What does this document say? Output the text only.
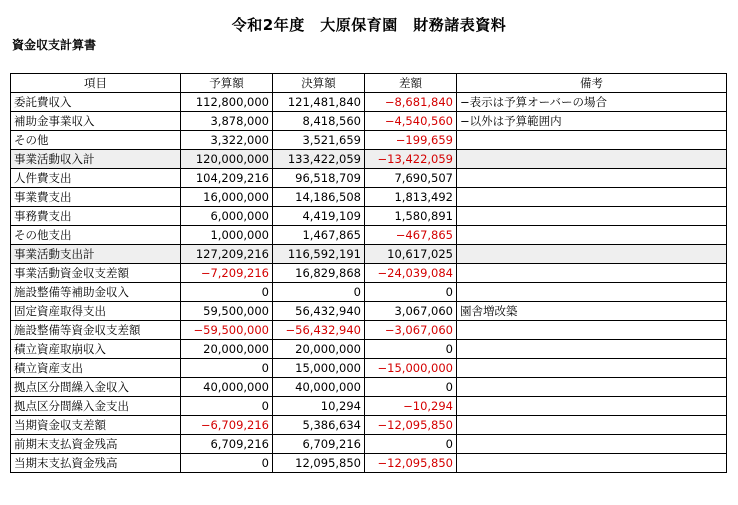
令和2年度　大原保育園　財務諸表資料
資金収支計算書
項目	予算額	決算額	差額	備考
委託費収入	112,800,000	121,481,840	−8,681,840	−表示は予算オーバーの場合
補助金事業収入	3,878,000	8,418,560	−4,540,560	−以外は予算範囲内
その他	3,322,000	3,521,659	−199,659	
事業活動収入計	120,000,000	133,422,059	−13,422,059	
人件費支出	104,209,216	96,518,709	7,690,507	
事業費支出	16,000,000	14,186,508	1,813,492	
事務費支出	6,000,000	4,419,109	1,580,891	
その他支出	1,000,000	1,467,865	−467,865	
事業活動支出計	127,209,216	116,592,191	10,617,025	
事業活動資金収支差額	−7,209,216	16,829,868	−24,039,084	
施設整備等補助金収入	0	0	0	
固定資産取得支出	59,500,000	56,432,940	3,067,060	園舎増改築
施設整備等資金収支差額	−59,500,000	−56,432,940	−3,067,060	
積立資産取崩収入	20,000,000	20,000,000	0	
積立資産支出	0	15,000,000	−15,000,000	
拠点区分間繰入金収入	40,000,000	40,000,000	0	
拠点区分間繰入金支出	0	10,294	−10,294	
当期資金収支差額	−6,709,216	5,386,634	−12,095,850	
前期末支払資金残高	6,709,216	6,709,216	0	
当期末支払資金残高	0	12,095,850	−12,095,850	
